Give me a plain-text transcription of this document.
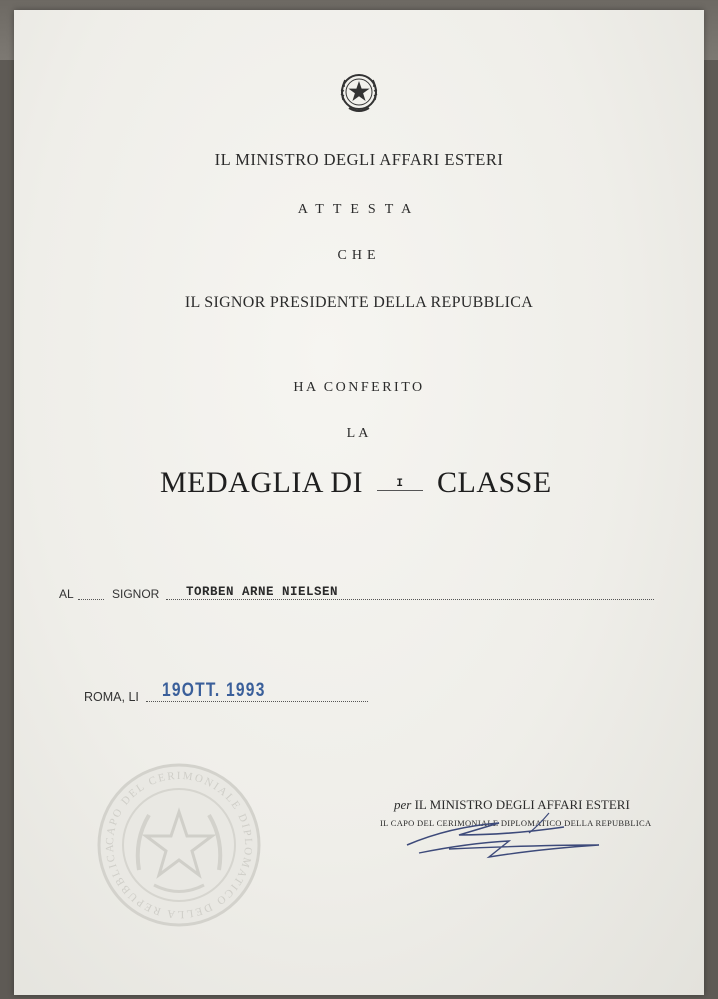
IL MINISTRO DEGLI AFFARI ESTERI
ATTESTA
CHE
IL SIGNOR PRESIDENTE DELLA REPUBBLICA
HA CONFERITO
LA
MEDAGLIA DI	I CLASSE
AL	SIGNOR TORBEN ARNE NIELSEN
ROMA, LI 19OTT. 1993
CAPO DEL CERIMONIALE DIPLOMATICO DELLA REPUBBLICA
per IL MINISTRO DEGLI AFFARI ESTERI
IL CAPO DEL CERIMONIALE DIPLOMATICO DELLA REPUBBLICA
